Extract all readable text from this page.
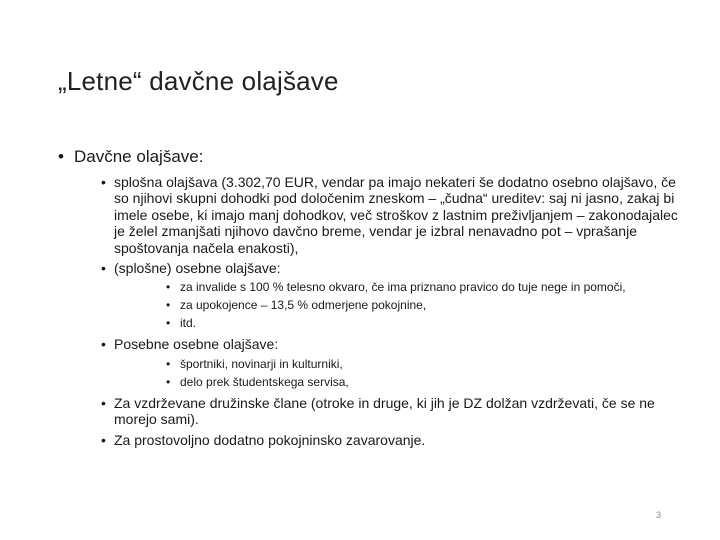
„Letne“ davčne olajšave
• Davčne olajšave:
• splošna olajšava (3.302,70 EUR, vendar pa imajo nekateri še dodatno osebno olajšavo, če so njihovi skupni dohodki pod določenim zneskom – „čudna“ ureditev: saj ni jasno, zakaj bi imele osebe, ki imajo manj dohodkov, več stroškov z lastnim preživljanjem – zakonodajalec je želel zmanjšati njihovo davčno breme, vendar je izbral nenavadno pot – vprašanje spoštovanja načela enakosti),
• (splošne) osebne olajšave:
• za invalide s 100 % telesno okvaro, če ima priznano pravico do tuje nege in pomoči,
• za upokojence – 13,5 % odmerjene pokojnine,
• itd.
• Posebne osebne olajšave:
• športniki, novinarji in kulturniki,
• delo prek študentskega servisa,
• Za vzdrževane družinske člane (otroke in druge, ki jih je DZ dolžan vzdrževati, če se ne morejo sami).
• Za prostovoljno dodatno pokojninsko zavarovanje.
3
